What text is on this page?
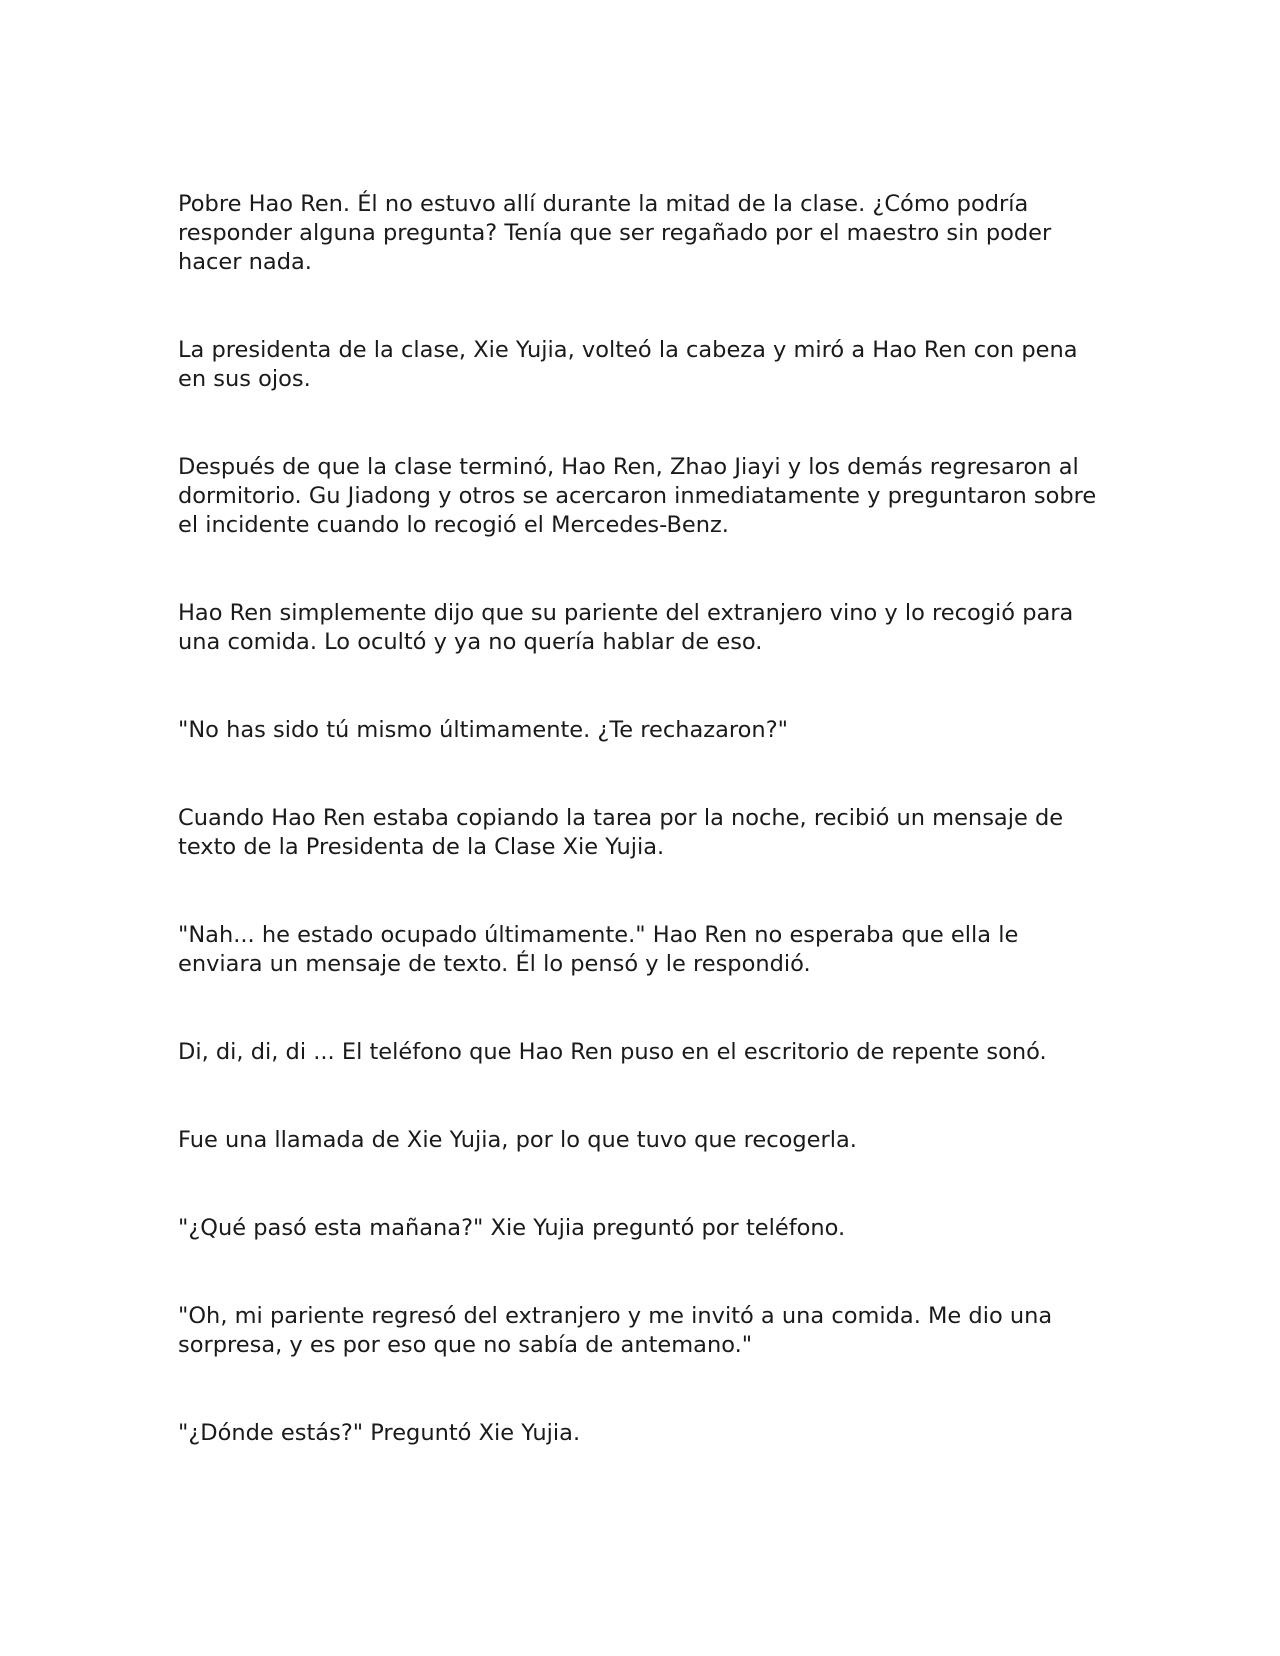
Pobre Hao Ren. Él no estuvo allí durante la mitad de la clase. ¿Cómo podría responder alguna pregunta? Tenía que ser regañado por el maestro sin poder hacer nada.

La presidenta de la clase, Xie Yujia, volteó la cabeza y miró a Hao Ren con pena en sus ojos.

Después de que la clase terminó, Hao Ren, Zhao Jiayi y los demás regresaron al dormitorio. Gu Jiadong y otros se acercaron inmediatamente y preguntaron sobre el incidente cuando lo recogió el Mercedes-Benz.

Hao Ren simplemente dijo que su pariente del extranjero vino y lo recogió para una comida. Lo ocultó y ya no quería hablar de eso.

"No has sido tú mismo últimamente. ¿Te rechazaron?"

Cuando Hao Ren estaba copiando la tarea por la noche, recibió un mensaje de texto de la Presidenta de la Clase Xie Yujia.

"Nah... he estado ocupado últimamente." Hao Ren no esperaba que ella le enviara un mensaje de texto. Él lo pensó y le respondió.

Di, di, di, di ... El teléfono que Hao Ren puso en el escritorio de repente sonó.

Fue una llamada de Xie Yujia, por lo que tuvo que recogerla.

"¿Qué pasó esta mañana?" Xie Yujia preguntó por teléfono.

"Oh, mi pariente regresó del extranjero y me invitó a una comida. Me dio una sorpresa, y es por eso que no sabía de antemano."

"¿Dónde estás?" Preguntó Xie Yujia.
